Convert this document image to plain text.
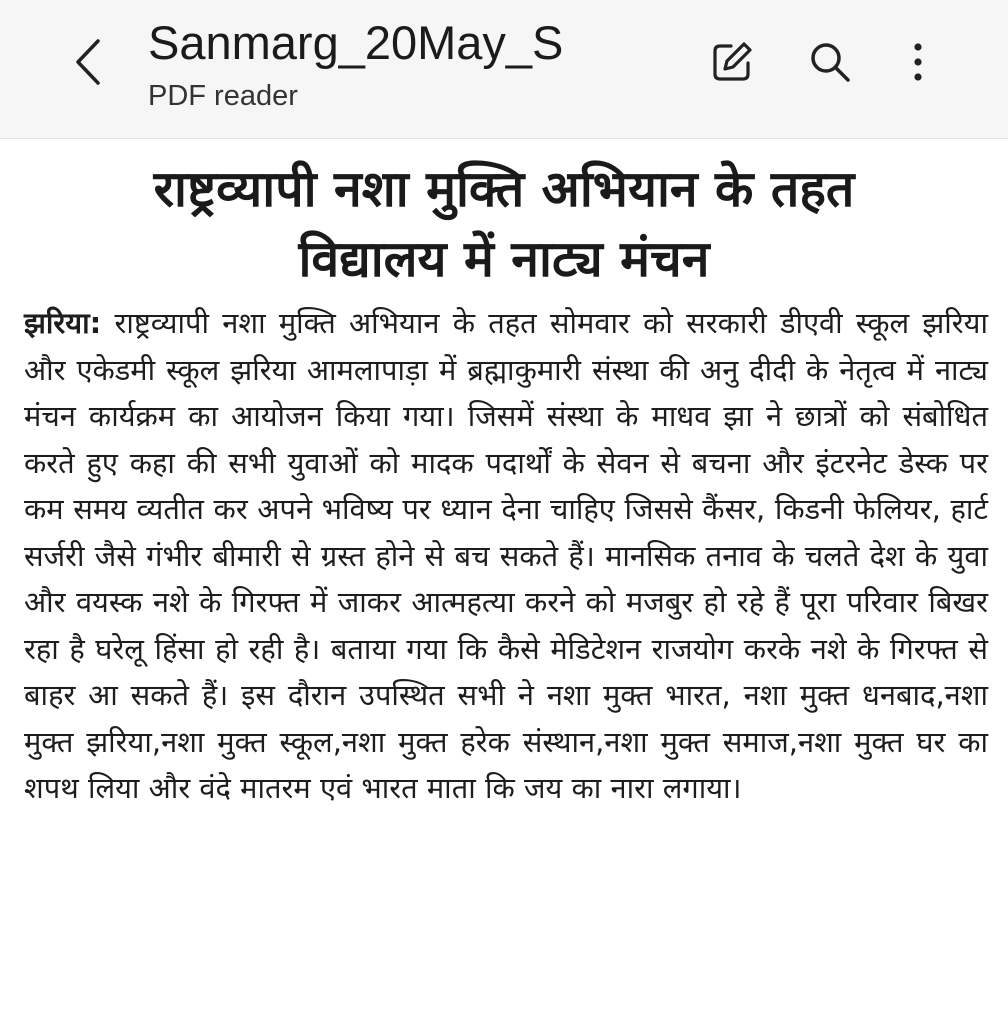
Sanmarg_20May_S
PDF reader
राष्ट्रव्यापी नशा मुक्ति अभियान के तहत
विद्यालय में नाट्य मंचन

झरिया: राष्ट्रव्यापी नशा मुक्ति अभियान के तहत सोमवार को सरकारी डीएवी स्कूल झरिया और एकेडमी स्कूल झरिया आमलापाड़ा में ब्रह्माकुमारी संस्था की अनु दीदी के नेतृत्व में नाट्य मंचन कार्यक्रम का आयोजन किया गया। जिसमें संस्था के माधव झा ने छात्रों को संबोधित करते हुए कहा की सभी युवाओं को मादक पदार्थों के सेवन से बचना और इंटरनेट डेस्क पर कम समय व्यतीत कर अपने भविष्य पर ध्यान देना चाहिए जिससे कैंसर, किडनी फेलियर, हार्ट सर्जरी जैसे गंभीर बीमारी से ग्रस्त होने से बच सकते हैं। मानसिक तनाव के चलते देश के युवा और वयस्क नशे के गिरफ्त में जाकर आत्महत्या करने को मजबुर हो रहे हैं पूरा परिवार बिखर रहा है घरेलू हिंसा हो रही है। बताया गया कि कैसे मेडिटेशन राजयोग करके नशे के गिरफ्त से बाहर आ सकते हैं। इस दौरान उपस्थित सभी ने नशा मुक्त भारत, नशा मुक्त धनबाद,नशा मुक्त झरिया,नशा मुक्त स्कूल,नशा मुक्त हरेक संस्थान,नशा मुक्त समाज,नशा मुक्त घर का शपथ लिया और वंदे मातरम एवं भारत माता कि जय का नारा लगाया।
